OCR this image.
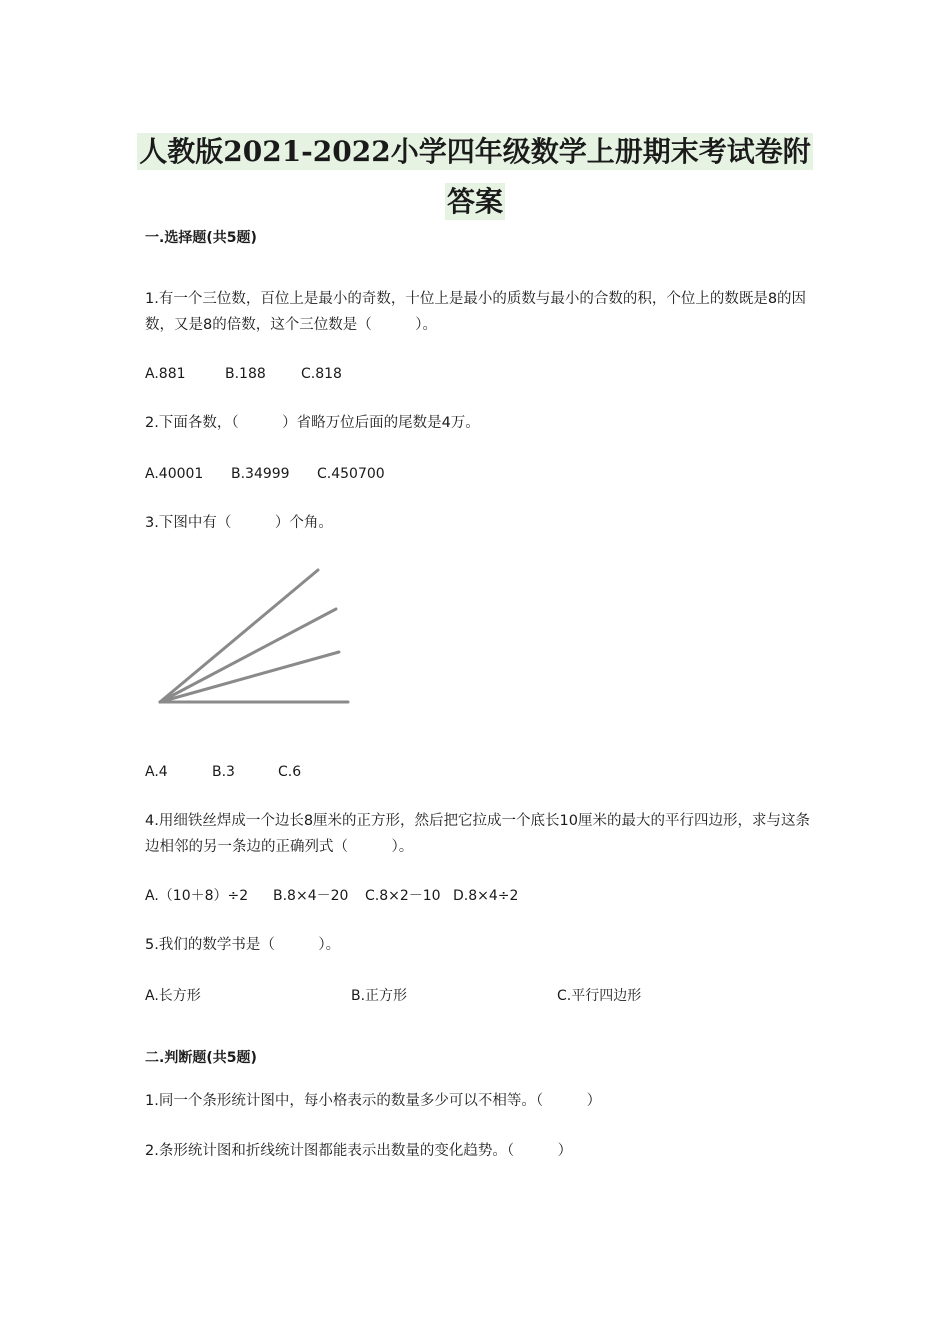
人教版2021-2022小学四年级数学上册期末考试卷附
答案
一.选择题(共5题)
1.有一个三位数，百位上是最小的奇数，十位上是最小的质数与最小的合数的积，个位上的数既是8的因数，又是8的倍数，这个三位数是（　　　）。
A.881	B.188	C.818
2.下面各数，（　　　）省略万位后面的尾数是4万。
A.40001 B.34999 C.450700
3.下图中有（　　　）个角。
A.4	B.3	C.6
4.用细铁丝焊成一个边长8厘米的正方形，然后把它拉成一个底长10厘米的最大的平行四边形，求与这条边相邻的另一条边的正确列式（　　　）。
A.（10＋8）÷2 B.8×4－20 C.8×2－10 D.8×4÷2
5.我们的数学书是（　　　）。
A.长方形	B.正方形	C.平行四边形
二.判断题(共5题)
1.同一个条形统计图中，每小格表示的数量多少可以不相等。（　　　）
2.条形统计图和折线统计图都能表示出数量的变化趋势。（　　　）
